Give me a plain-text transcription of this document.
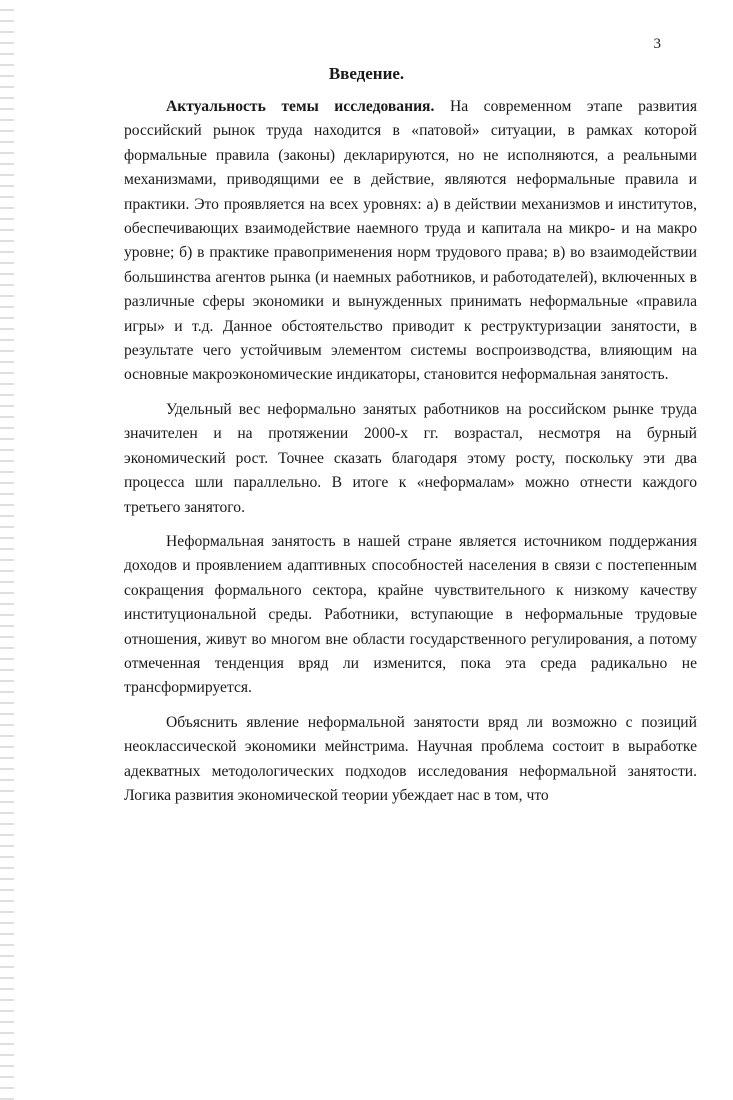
3
Введение.

Актуальность темы исследования. На современном этапе развития российский рынок труда находится в «патовой» ситуации, в рамках которой формальные правила (законы) декларируются, но не исполняются, а реальными механизмами, приводящими ее в действие, являются неформальные правила и практики. Это проявляется на всех уровнях: а) в действии механизмов и институтов, обеспечивающих взаимодействие наемного труда и капитала на микро- и на макро уровне; б) в практике правоприменения норм трудового права; в) во взаимодействии большинства агентов рынка (и наемных работников, и работодателей), включенных в различные сферы экономики и вынужденных принимать неформальные «правила игры» и т.д. Данное обстоятельство приводит к реструктуризации занятости, в результате чего устойчивым элементом системы воспроизводства, влияющим на основные макроэкономические индикаторы, становится неформальная занятость.

Удельный вес неформально занятых работников на российском рынке труда значителен и на протяжении 2000-х гг. возрастал, несмотря на бурный экономический рост. Точнее сказать благодаря этому росту, поскольку эти два процесса шли параллельно. В итоге к «неформалам» можно отнести каждого третьего занятого.

Неформальная занятость в нашей стране является источником поддержания доходов и проявлением адаптивных способностей населения в связи с постепенным сокращения формального сектора, крайне чувствительного к низкому качеству институциональной среды. Работники, вступающие в неформальные трудовые отношения, живут во многом вне области государственного регулирования, а потому отмеченная тенденция вряд ли изменится, пока эта среда радикально не трансформируется.

Объяснить явление неформальной занятости вряд ли возможно с позиций неоклассической экономики мейнстрима. Научная проблема состоит в выработке адекватных методологических подходов исследования неформальной занятости. Логика развития экономической теории убеждает нас в том, что
